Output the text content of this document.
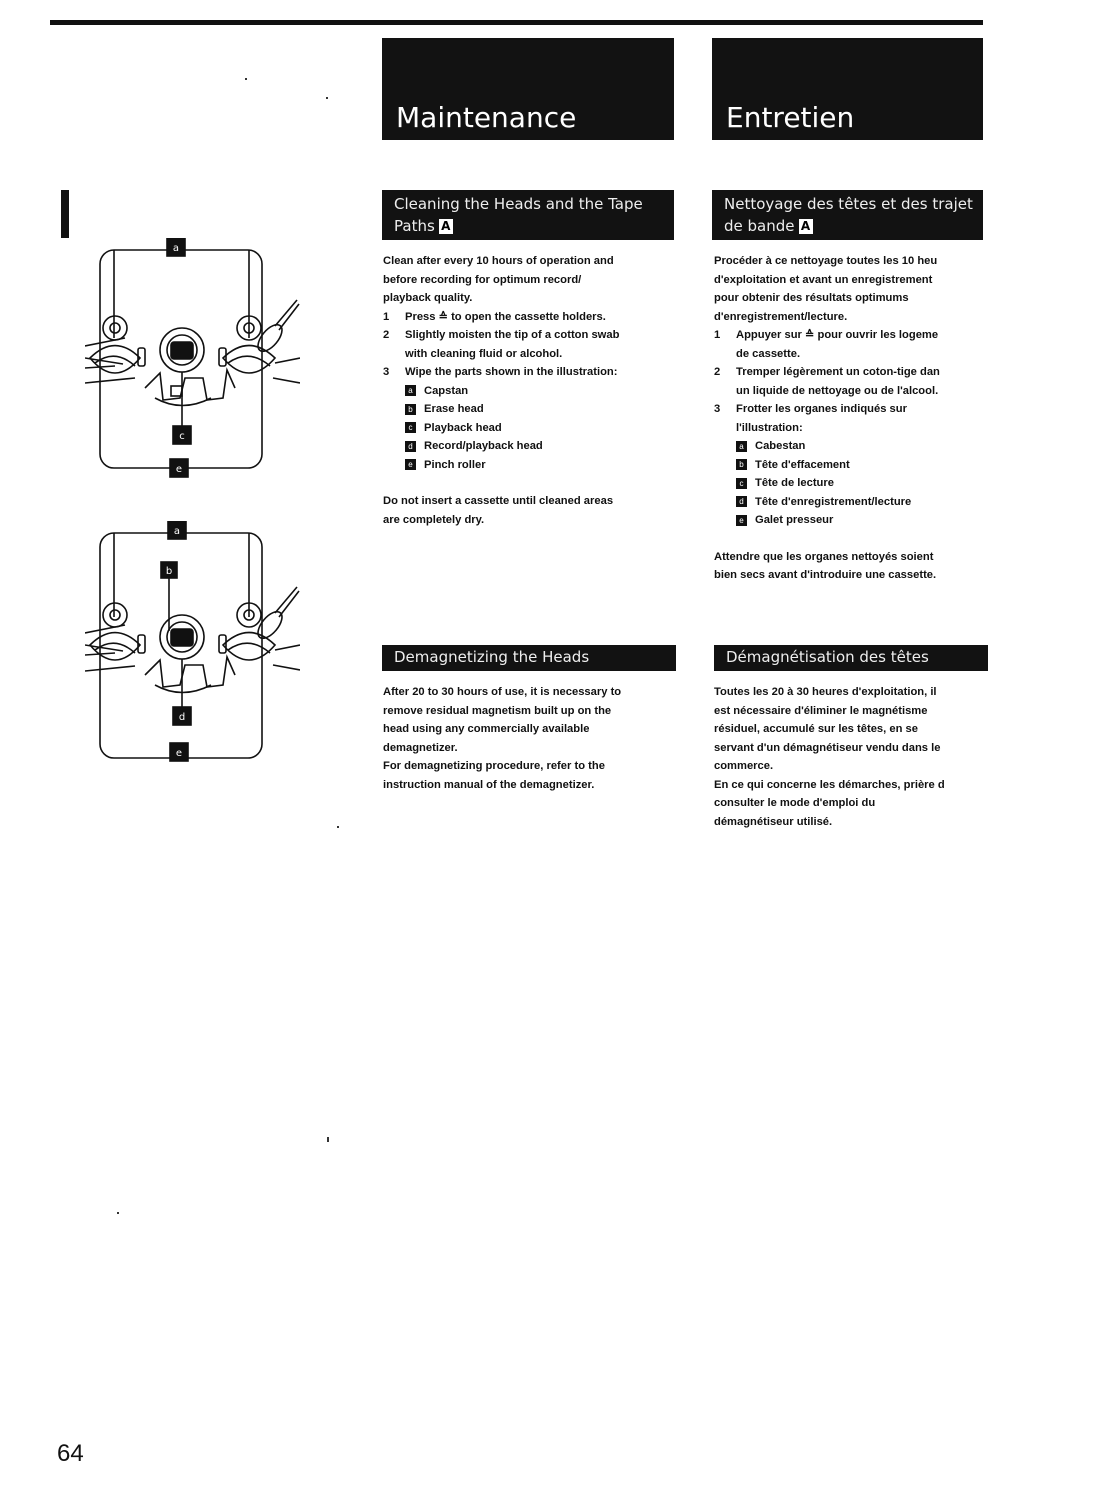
Maintenance	Entretien
a
c
e
a
b
d
e
Cleaning the Heads and the Tape Paths A
Nettoyage des têtes et des trajet
de bande A

Clean after every 10 hours of operation and

before recording for optimum record/

playback quality.

1	Press ≙ to open the cassette holders.
2	Slightly moisten the tip of a cotton swab
with cleaning fluid or alcohol.
3	Wipe the parts shown in the illustration:
a Capstan
b Erase head
c	Playback head
d Record/playback head
e Pinch roller

Do not insert a cassette until cleaned areas

are completely dry.

Procéder à ce nettoyage toutes les 10 heu

d'exploitation et avant un enregistrement

pour obtenir des résultats optimums

d'enregistrement/lecture.

1	Appuyer sur ≙ pour ouvrir les logeme
de cassette.
2	Tremper légèrement un coton-tige dan
un liquide de nettoyage ou de l'alcool.
3	Frotter les organes indiqués sur
l'illustration:
a Cabestan
b Tête d'effacement
c	Tête de lecture
d Tête d'enregistrement/lecture
e Galet presseur

Attendre que les organes nettoyés soient

bien secs avant d'introduire une cassette.

Demagnetizing the Heads	Démagnétisation des têtes

After 20 to 30 hours of use, it is necessary to

remove residual magnetism built up on the

head using any commercially available

demagnetizer.

For demagnetizing procedure, refer to the

instruction manual of the demagnetizer.

Toutes les 20 à 30 heures d'exploitation, il

est nécessaire d'éliminer le magnétisme

résiduel, accumulé sur les têtes, en se

servant d'un démagnétiseur vendu dans le

commerce.

En ce qui concerne les démarches, prière d

consulter le mode d'emploi du

démagnétiseur utilisé.

64
